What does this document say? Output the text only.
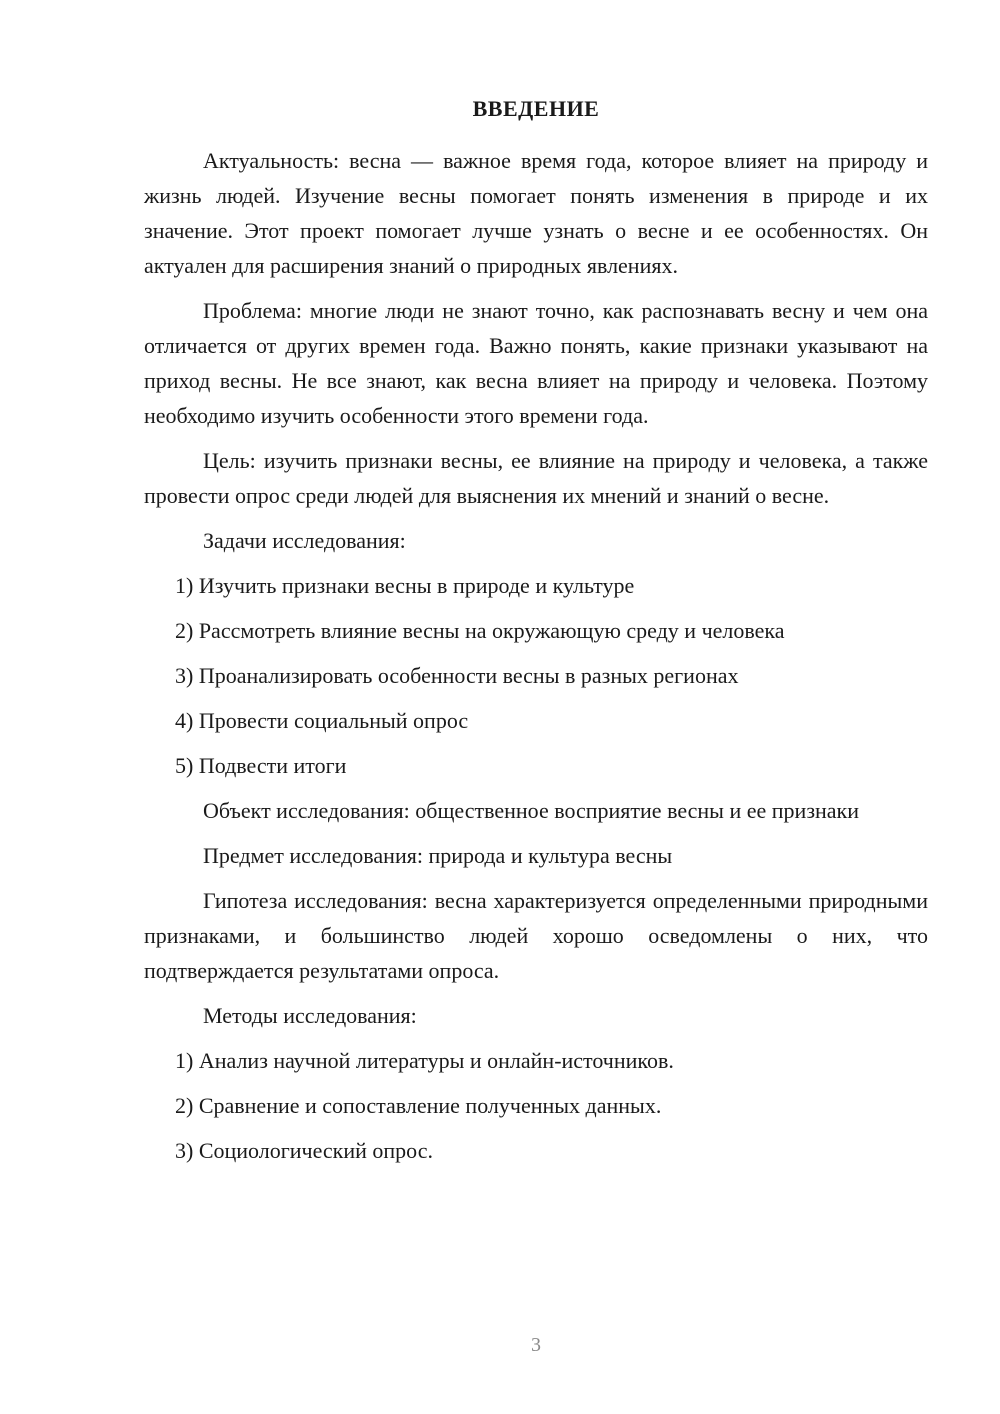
ВВЕДЕНИЕ

Актуальность: весна — важное время года, которое влияет на природу и жизнь людей. Изучение весны помогает понять изменения в природе и их значение. Этот проект помогает лучше узнать о весне и ее особенностях. Он актуален для расширения знаний о природных явлениях.

Проблема: многие люди не знают точно, как распознавать весну и чем она отличается от других времен года. Важно понять, какие признаки указывают на приход весны. Не все знают, как весна влияет на природу и человека. Поэтому необходимо изучить особенности этого времени года.

Цель: изучить признаки весны, ее влияние на природу и человека, а также провести опрос среди людей для выяснения их мнений и знаний о весне.

Задачи исследования:

1) Изучить признаки весны в природе и культуре

2) Рассмотреть влияние весны на окружающую среду и человека

3) Проанализировать особенности весны в разных регионах

4) Провести социальный опрос

5) Подвести итоги

Объект исследования: общественное восприятие весны и ее признаки

Предмет исследования: природа и культура весны

Гипотеза исследования: весна характеризуется определенными природными признаками, и большинство людей хорошо осведомлены о них, что подтверждается результатами опроса.

Методы исследования:

1) Анализ научной литературы и онлайн-источников.

2) Сравнение и сопоставление полученных данных.

3) Социологический опрос.

3
